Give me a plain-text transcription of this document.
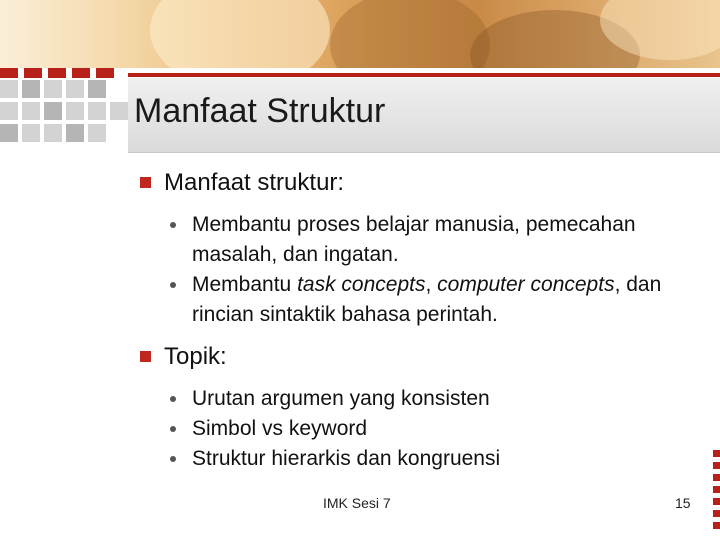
Manfaat Struktur

Manfaat struktur:

Membantu proses belajar manusia, pemecahan masalah, dan ingatan.

Membantu task concepts, computer concepts, dan rincian sintaktik bahasa perintah.

Topik:

Urutan argumen yang konsisten

Simbol vs keyword

Struktur hierarkis dan kongruensi

IMK Sesi 7	15
